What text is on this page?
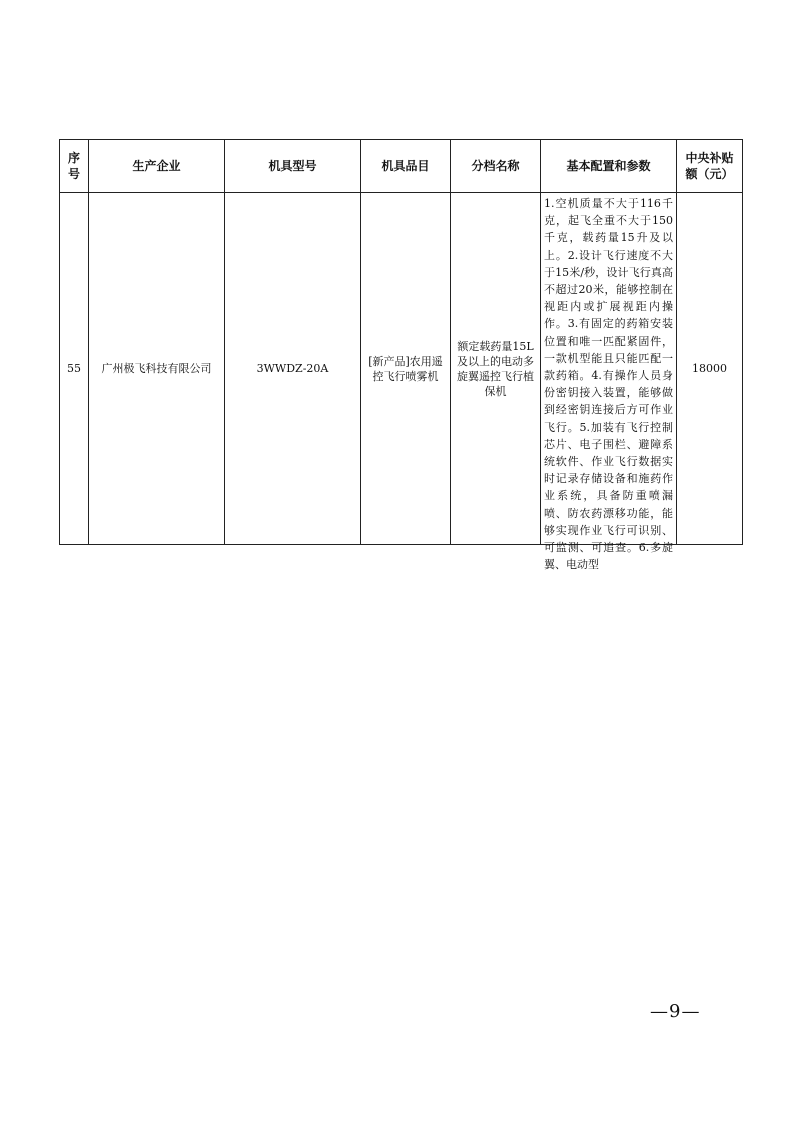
序号	生产企业	机具型号	机具品目	分档名称	基本配置和参数	中央补贴额（元）
55	广州极飞科技有限公司	3WWDZ-20A	[新产品]农用遥控飞行喷雾机	额定载药量15L及以上的电动多旋翼遥控飞行植保机	1.空机质量不大于116千克，起飞全重不大于150千克，载药量15升及以上。2.设计飞行速度不大于15米/秒，设计飞行真高不超过20米，能够控制在视距内或扩展视距内操作。3.有固定的药箱安装位置和唯一匹配紧固件，一款机型能且只能匹配一款药箱。4.有操作人员身份密钥接入装置，能够做到经密钥连接后方可作业飞行。5.加装有飞行控制芯片、电子围栏、避障系统软件、作业飞行数据实时记录存储设备和施药作业系统，具备防重喷漏喷、防农药漂移功能，能够实现作业飞行可识别、可监测、可追查。6.多旋翼、电动型	18000
—9—
